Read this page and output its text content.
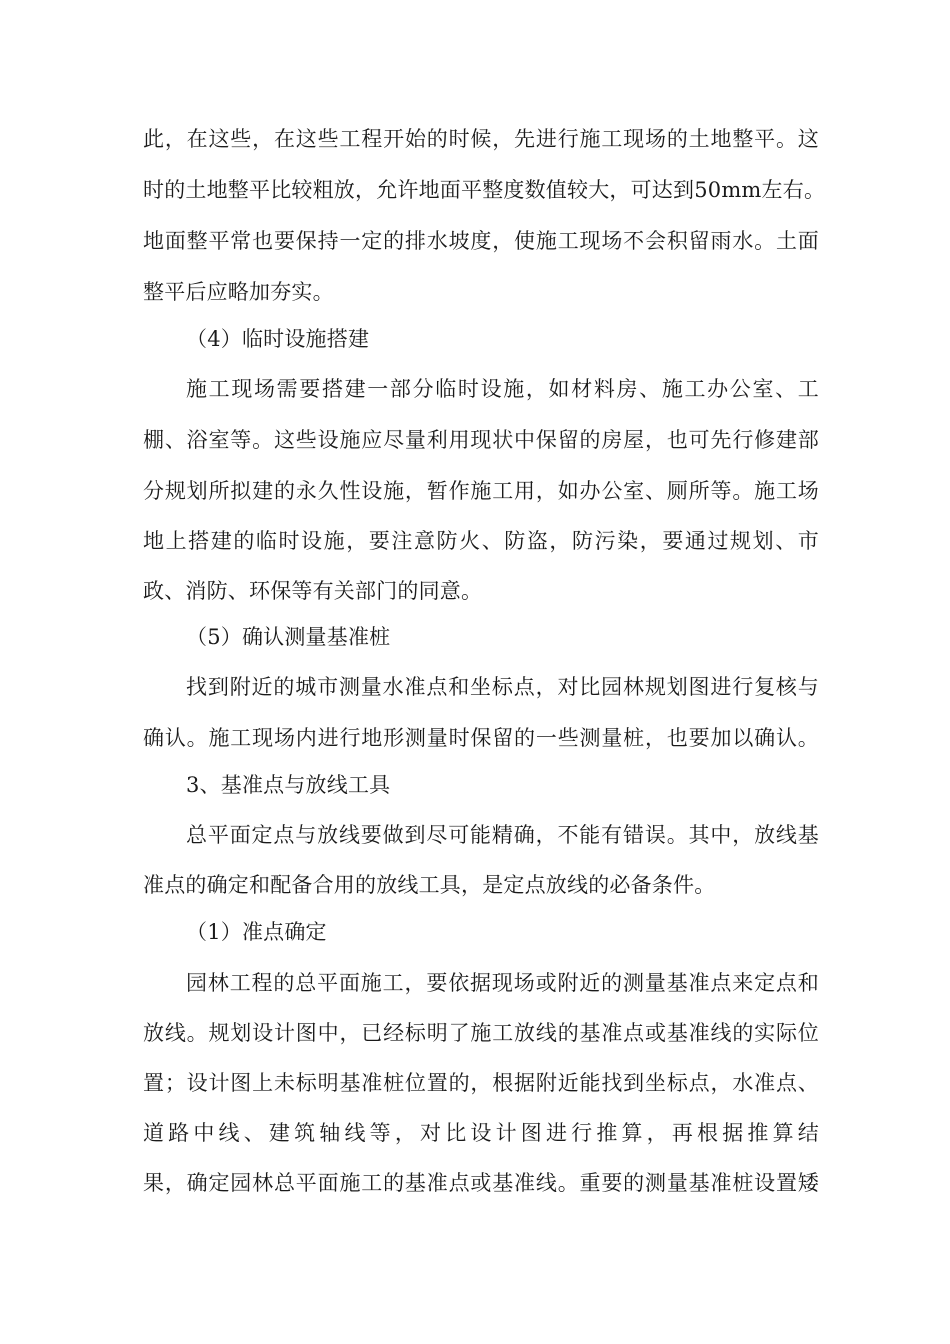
此，在这些，在这些工程开始的时候，先进行施工现场的土地整平。这
时的土地整平比较粗放，允许地面平整度数值较大，可达到50mm左右。
地面整平常也要保持一定的排水坡度，使施工现场不会积留雨水。土面
整平后应略加夯实。
（4）临时设施搭建
施工现场需要搭建一部分临时设施，如材料房、施工办公室、工
棚、浴室等。这些设施应尽量利用现状中保留的房屋，也可先行修建部
分规划所拟建的永久性设施，暂作施工用，如办公室、厕所等。施工场
地上搭建的临时设施，要注意防火、防盗，防污染，要通过规划、市
政、消防、环保等有关部门的同意。
（5）确认测量基准桩
找到附近的城市测量水准点和坐标点，对比园林规划图进行复核与
确认。施工现场内进行地形测量时保留的一些测量桩，也要加以确认。
3、基准点与放线工具
总平面定点与放线要做到尽可能精确，不能有错误。其中，放线基
准点的确定和配备合用的放线工具，是定点放线的必备条件。
（1）准点确定
园林工程的总平面施工，要依据现场或附近的测量基准点来定点和
放线。规划设计图中，已经标明了施工放线的基准点或基准线的实际位
置；设计图上未标明基准桩位置的，根据附近能找到坐标点，水准点、
道路中线、建筑轴线等，对比设计图进行推算，再根据推算结
果，确定园林总平面施工的基准点或基准线。重要的测量基准桩设置矮
